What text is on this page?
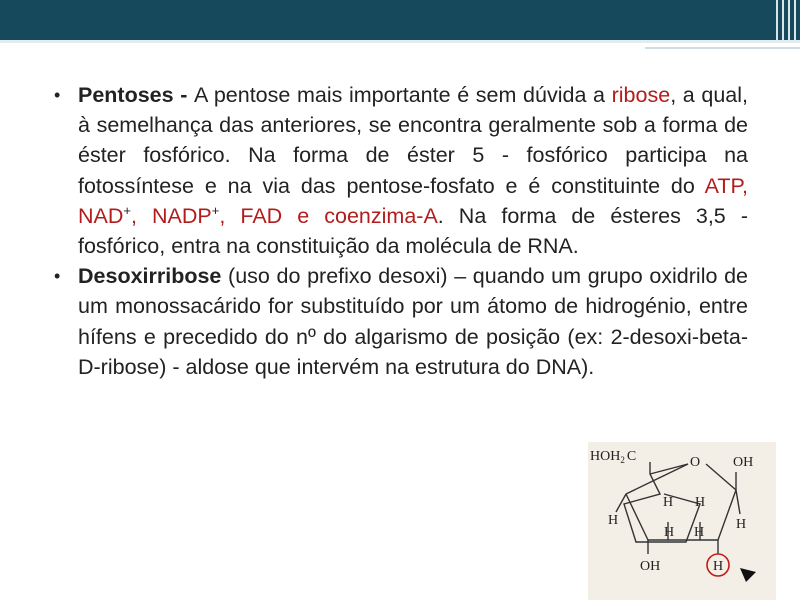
• Pentoses - A pentose mais importante é sem dúvida a ribose, a qual, à semelhança das anteriores, se encontra geralmente sob a forma de éster fosfórico. Na forma de éster 5 - fosfórico participa na fotossíntese e na via das pentose-fosfato e é constituinte do ATP, NAD+, NADP+, FAD e coenzima-A. Na forma de ésteres 3,5 - fosfórico, entra na constituição da molécula de RNA.

• Desoxirribose (uso do prefixo desoxi) – quando um grupo oxidrilo de um monossacárido for substituído por um átomo de hidrogénio, entre hífens e precedido do nº do algarismo de posição (ex: 2-desoxi-beta-D-ribose) - aldose que intervém na estrutura do DNA).

$HOH_2$ C	O OH
H H
H	H
H H
OH	H
